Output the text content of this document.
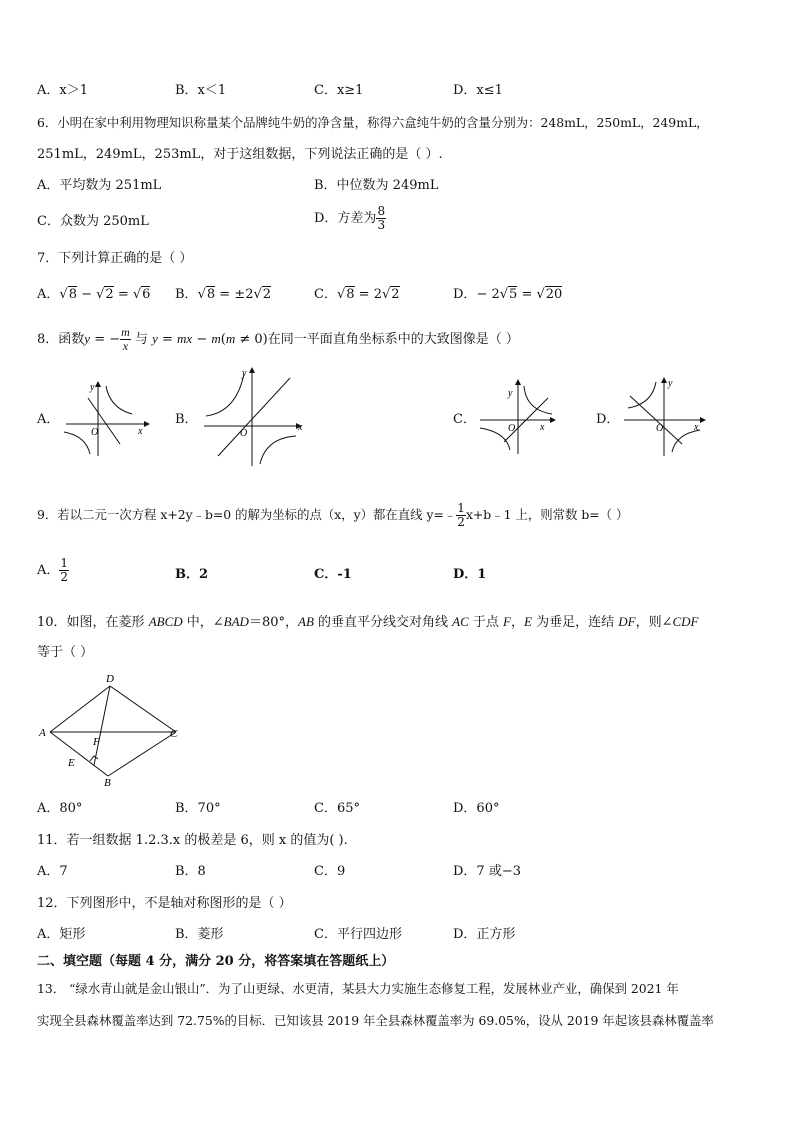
A．x＞1	B．x＜1	C．x≥1	D．x≤1
6．小明在家中利用物理知识称量某个品牌纯牛奶的净含量，称得六盒纯牛奶的含量分别为：248mL，250mL，249mL，
251mL，249mL，253mL，对于这组数据，下列说法正确的是（ ）.
A．平均数为 251mL	B．中位数为 249mL
C．众数为 250mL	D．方差为 $\frac{8}{3}$
7．下列计算正确的是（ ）
A．√8 − √2 = √6 B．√8 = ±2√2	C．√8 = 2√2	D．− 2√5 = √20
8．函数y = − $\frac{m}{x}$ 与 y = mx − m(m ≠ 0)在同一平面直角坐标系中的大致图像是（ ）
A．
x
y
O
B．
x
y
O
C．
x
y
O
D．
x
y
O
9．若以二元一次方程 x+2y﹣b=0 的解为坐标的点（x，y）都在直线 y=﹣ $\frac{1}{2}$ x+b﹣1 上，则常数 b=（ ）
A． $\frac{1}{2}$	B．2	C．-1	D．1
10．如图，在菱形 ABCD 中，∠BAD＝80°，AB 的垂直平分线交对角线 AC 于点 F，E 为垂足，连结 DF，则∠CDF
等于（ ）
A
D
C
B
E
F
A．80°	B．70°	C．65°	D．60°
11．若一组数据 1.2.3.x 的极差是 6，则 x 的值为( ).
A．7	B．8	C．9	D．7 或−3
12．下列图形中，不是轴对称图形的是（ ）
A．矩形	B．菱形	C．平行四边形	D．正方形
二、填空题（每题 4 分，满分 20 分，将答案填在答题纸上）
13． “绿水青山就是金山银山”．为了山更绿、水更清，某县大力实施生态修复工程，发展林业产业，确保到 2021 年
实现全县森林覆盖率达到 72.75%的目标．已知该县 2019 年全县森林覆盖率为 69.05%，设从 2019 年起该县森林覆盖率
